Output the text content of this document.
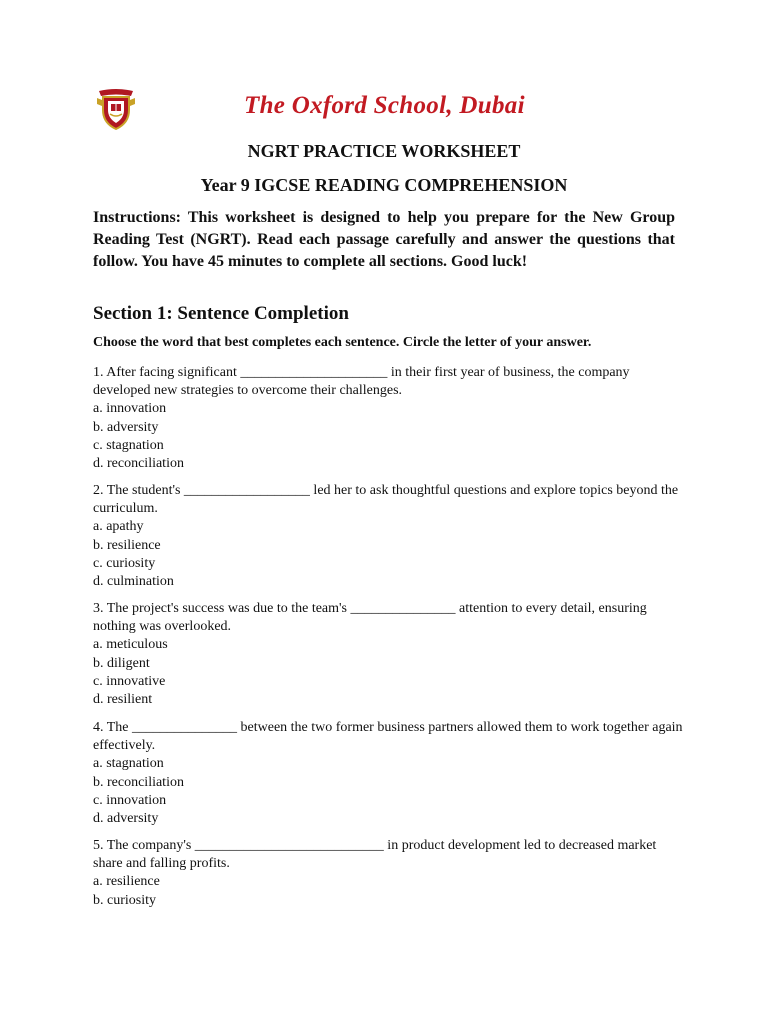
The Oxford School, Dubai
NGRT PRACTICE WORKSHEET
Year 9 IGCSE READING COMPREHENSION
Instructions: This worksheet is designed to help you prepare for the New Group Reading Test (NGRT). Read each passage carefully and answer the questions that follow. You have 45 minutes to complete all sections. Good luck!
Section 1: Sentence Completion
Choose the word that best completes each sentence. Circle the letter of your answer.

1. After facing significant _____________________ in their first year of business, the company developed new strategies to overcome their challenges.

a. innovation

b. adversity

c. stagnation

d. reconciliation

2. The student's __________________ led her to ask thoughtful questions and explore topics beyond the curriculum.

a. apathy

b. resilience

c. curiosity

d. culmination

3. The project's success was due to the team's _______________ attention to every detail, ensuring nothing was overlooked.

a. meticulous

b. diligent

c. innovative

d. resilient

4. The _______________ between the two former business partners allowed them to work together again effectively.

a. stagnation

b. reconciliation

c. innovation

d. adversity

5. The company's ___________________________ in product development led to decreased market share and falling profits.

a. resilience

b. curiosity
